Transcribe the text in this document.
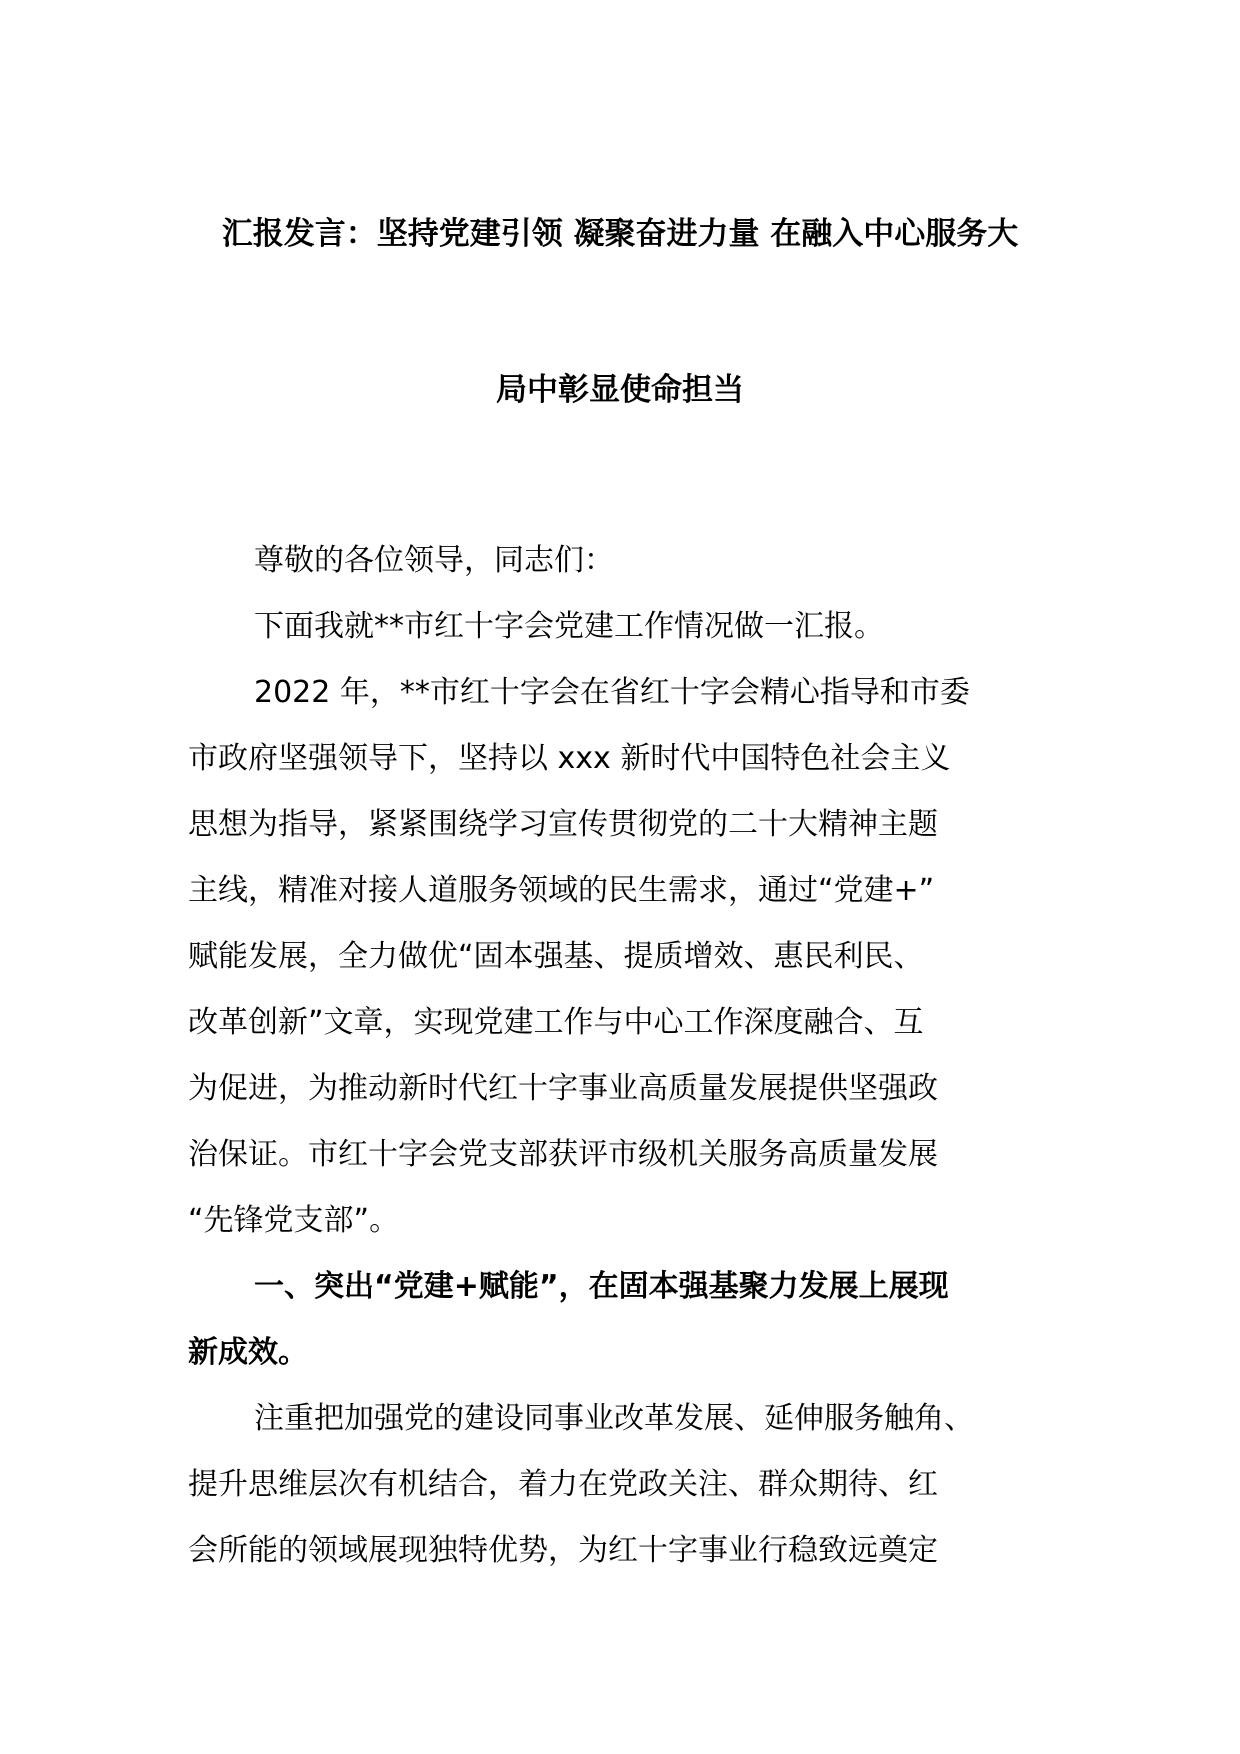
汇报发言：坚持党建引领 凝聚奋进力量 在融入中心服务大
局中彰显使命担当
尊敬的各位领导，同志们：
下面我就**市红十字会党建工作情况做一汇报。
2022 年，**市红十字会在省红十字会精心指导和市委
市政府坚强领导下，坚持以 xxx 新时代中国特色社会主义
思想为指导，紧紧围绕学习宣传贯彻党的二十大精神主题
主线，精准对接人道服务领域的民生需求，通过“党建+”
赋能发展，全力做优“固本强基、提质增效、惠民利民、
改革创新”文章，实现党建工作与中心工作深度融合、互
为促进，为推动新时代红十字事业高质量发展提供坚强政
治保证。市红十字会党支部获评市级机关服务高质量发展
“先锋党支部”。
一、突出“党建+赋能”，在固本强基聚力发展上展现
新成效。
注重把加强党的建设同事业改革发展、延伸服务触角、
提升思维层次有机结合，着力在党政关注、群众期待、红
会所能的领域展现独特优势，为红十字事业行稳致远奠定
